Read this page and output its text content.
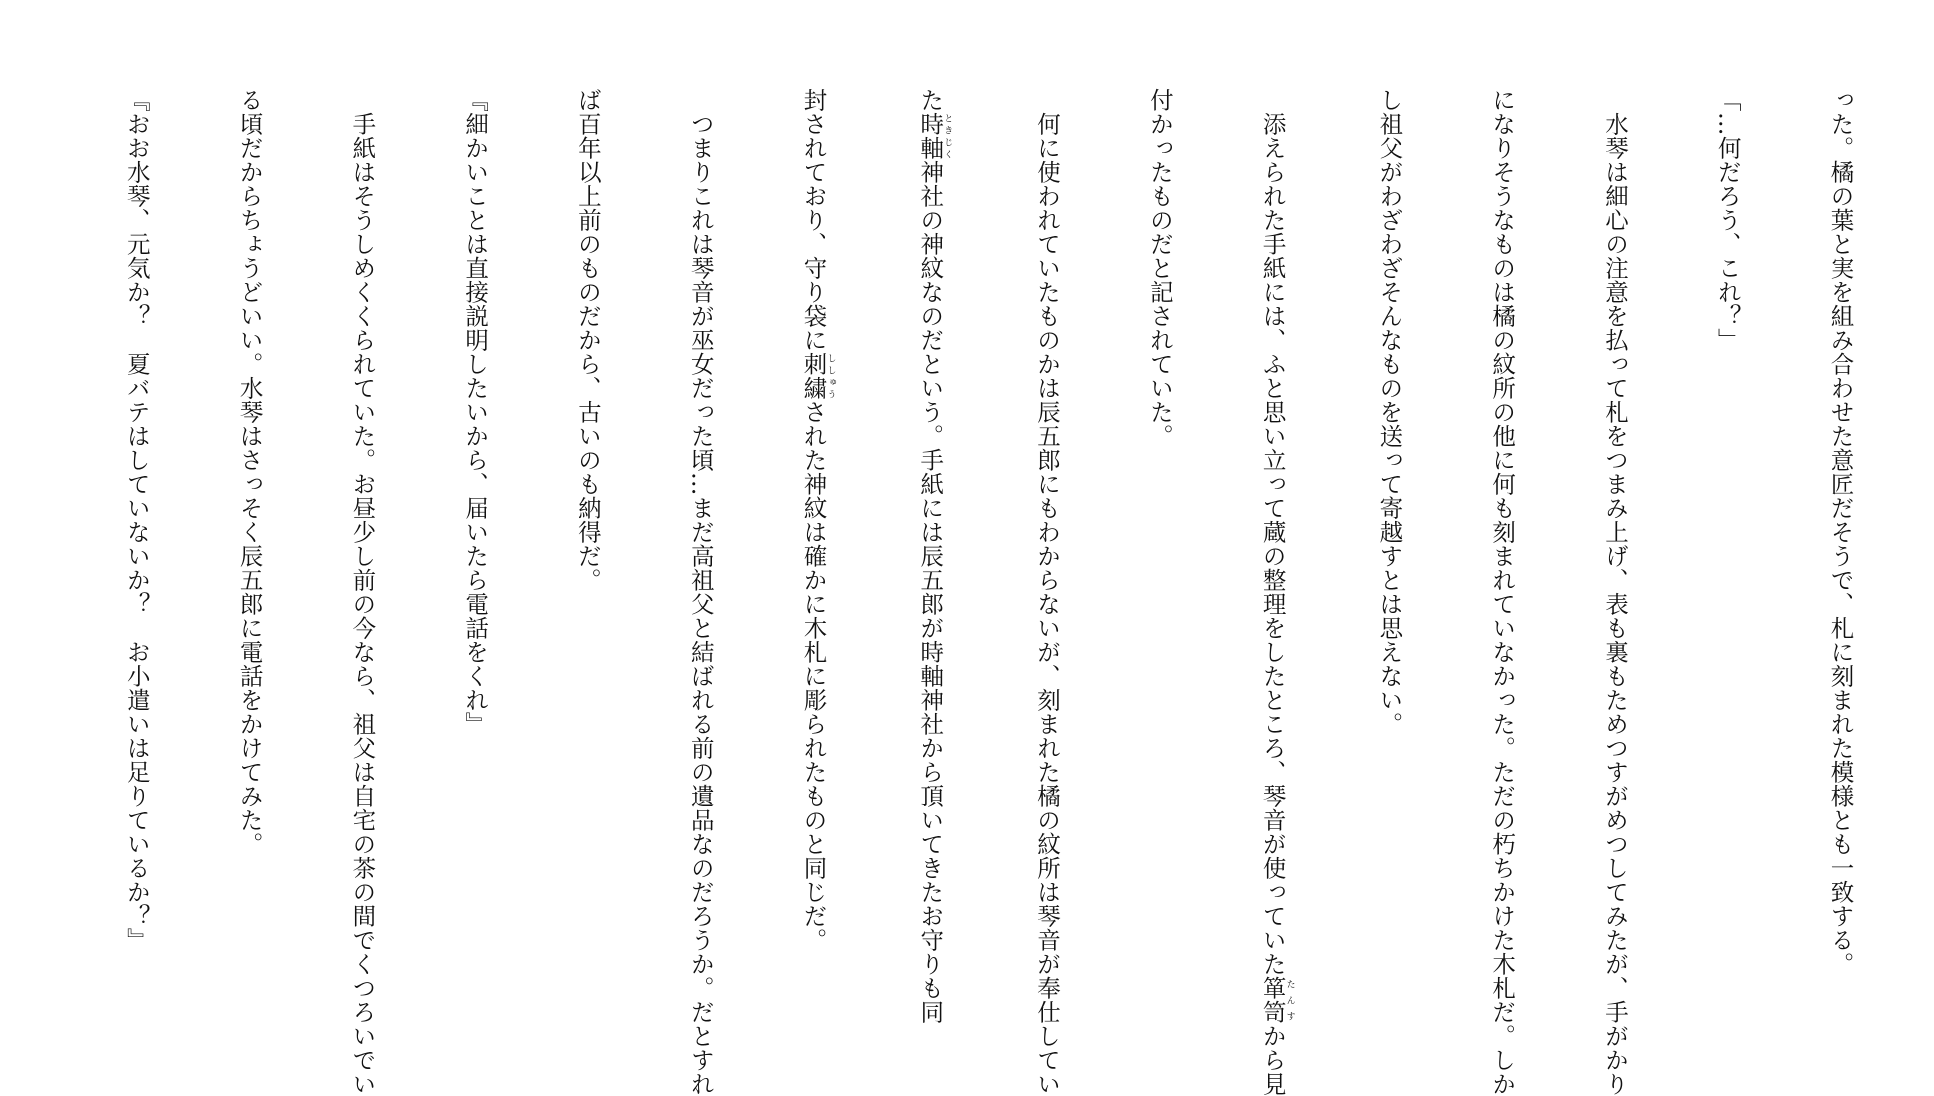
った。橘の葉と実を組み合わせた意匠だそうで、札に刻まれた模様とも一致する。

「…何だろう、これ？」

　水琴は細心の注意を払って札をつまみ上げ、表も裏もためつすがめつしてみたが、手がかり

になりそうなものは橘の紋所の他に何も刻まれていなかった。ただの朽ちかけた木札だ。しか

し祖父がわざわざそんなものを送って寄越すとは思えない。

　添えられた手紙には、ふと思い立って蔵の整理をしたところ、琴音が使っていた箪笥たんすから見

付かったものだと記されていた。

　何に使われていたものかは辰五郎にもわからないが、刻まれた橘の紋所は琴音が奉仕してい

た時軸ときじく神社の神紋なのだという。手紙には辰五郎が時軸神社から頂いてきたお守りも同

封されており、守り袋に刺繍ししゅうされた神紋は確かに木札に彫られたものと同じだ。

　つまりこれは琴音が巫女だった頃…まだ高祖父と結ばれる前の遺品なのだろうか。だとすれ

ば百年以上前のものだから、古いのも納得だ。

『細かいことは直接説明したいから、届いたら電話をくれ』

　手紙はそうしめくくられていた。お昼少し前の今なら、祖父は自宅の茶の間でくつろいでい

る頃だからちょうどいい。水琴はさっそく辰五郎に電話をかけてみた。

『おお水琴、元気か？　夏バテはしていないか？　お小遣いは足りているか？』
